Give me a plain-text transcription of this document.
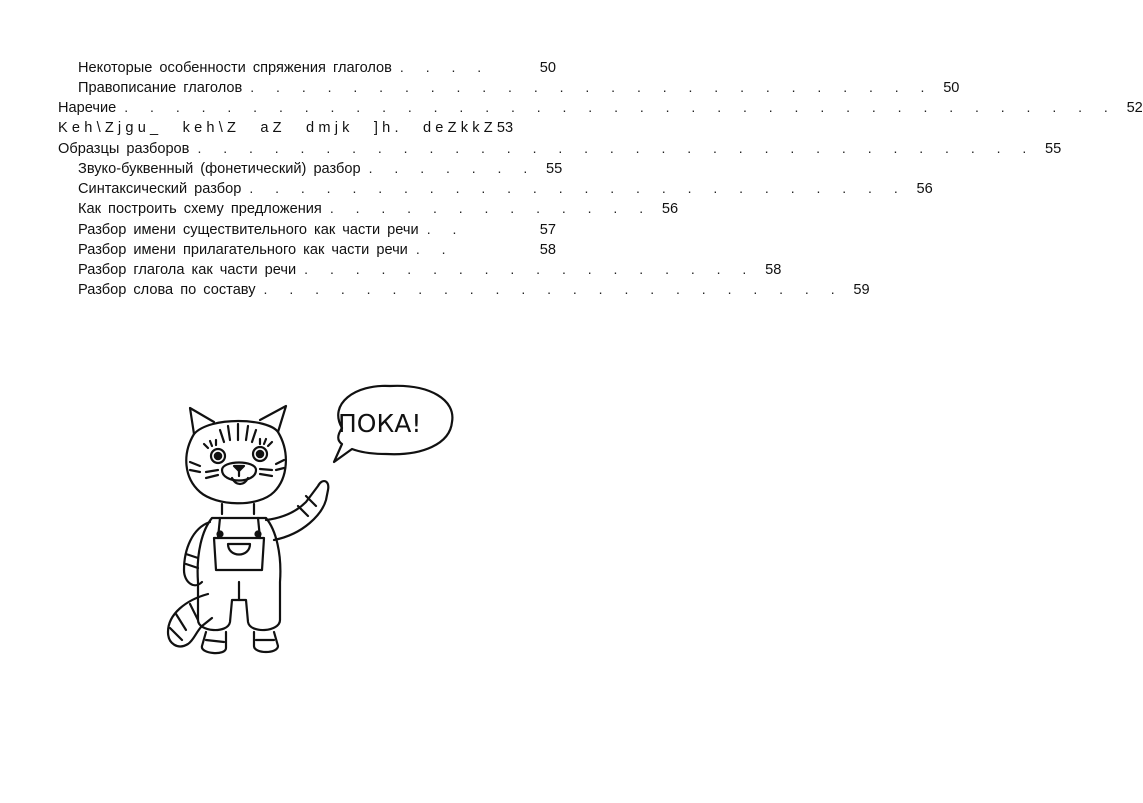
Некоторые особенности спряжения глаголов . . . .	50
Правописание глаголов . . . . . . . . . . . . . . . . . . . . . . . . . . . 50
Наречие . . . . . . . . . . . . . . . . . . . . . . . . . . . . . . . . . . . . . . . 52
Keh\Zjgu_ keh\Z aZ dmjk ]h. deZkkZ 53
Образцы разборов . . . . . . . . . . . . . . . . . . . . . . . . . . . . . . . . . 55
Звуко-буквенный (фонетический) разбор . . . . . . . 55
Синтаксический разбор . . . . . . . . . . . . . . . . . . . . . . . . . . 56
Как построить схему предложения . . . . . . . . . . . . . 56
Разбор имени существительного как части речи . .	57
Разбор имени прилагательного как части речи . .	58
Разбор глагола как части речи . . . . . . . . . . . . . . . . . . 58
Разбор слова по составу . . . . . . . . . . . . . . . . . . . . . . . 59
ПОКА!
